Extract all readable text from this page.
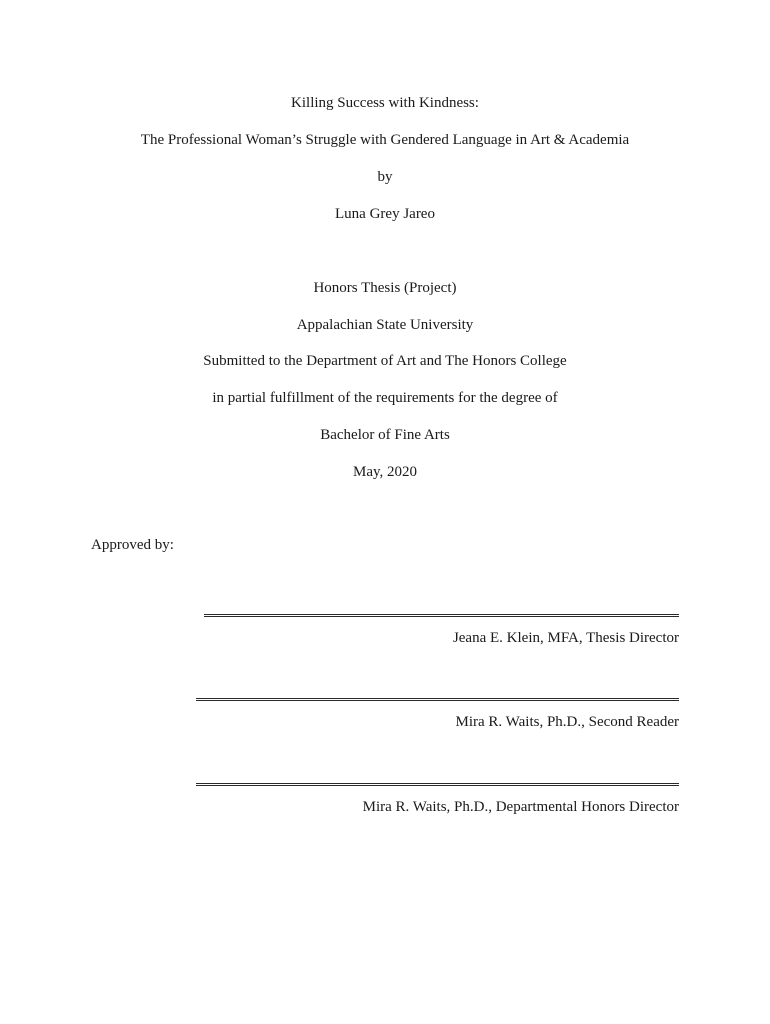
Killing Success with Kindness:
The Professional Woman’s Struggle with Gendered Language in Art & Academia
by
Luna Grey Jareo
Honors Thesis (Project)
Appalachian State University
Submitted to the Department of Art and The Honors College
in partial fulfillment of the requirements for the degree of
Bachelor of Fine Arts
May, 2020
Approved by:
Jeana E. Klein, MFA, Thesis Director
Mira R. Waits, Ph.D., Second Reader
Mira R. Waits, Ph.D., Departmental Honors Director
